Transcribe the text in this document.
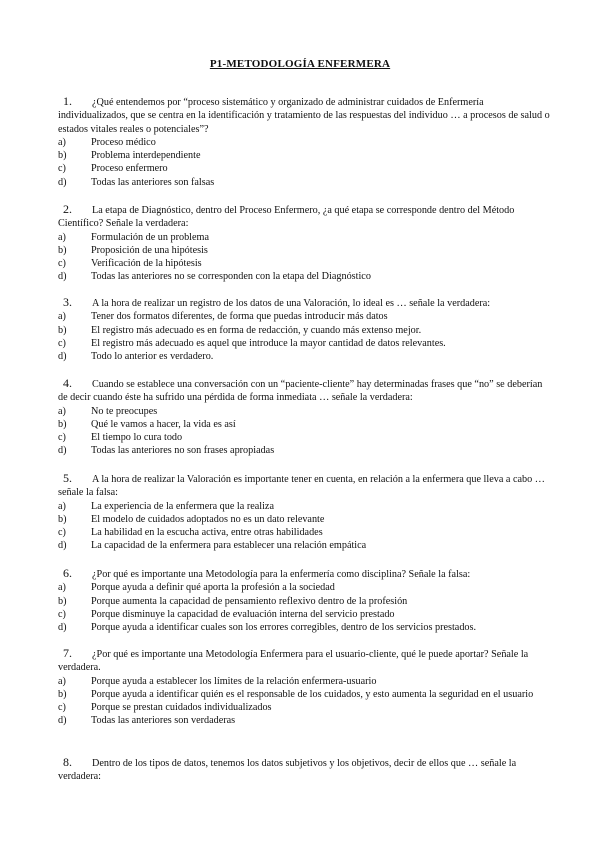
P1-METODOLOGÍA ENFERMERA

1. ¿Qué entendemos por “proceso sistemático y organizado de administrar cuidados de Enfermería individualizados, que se centra en la identificación y tratamiento de las respuestas del individuo … a procesos de salud o estados vitales reales o potenciales”?

a) Proceso médico
b) Problema interdependiente
c) Proceso enfermero
d) Todas las anteriores son falsas

2. La etapa de Diagnóstico, dentro del Proceso Enfermero, ¿a qué etapa se corresponde dentro del Método Científico? Señale la verdadera:

a) Formulación de un problema
b) Proposición de una hipótesis
c) Verificación de la hipótesis
d) Todas las anteriores no se corresponden con la etapa del Diagnóstico

3. A la hora de realizar un registro de los datos de una Valoración, lo ideal es … señale la verdadera:

a) Tener dos formatos diferentes, de forma que puedas introducir más datos
b) El registro más adecuado es en forma de redacción, y cuando más extenso mejor.
c) El registro más adecuado es aquel que introduce la mayor cantidad de datos relevantes.
d) Todo lo anterior es verdadero.

4. Cuando se establece una conversación con un “paciente-cliente” hay determinadas frases que “no” se deberían de decir cuando éste ha sufrido una pérdida de forma inmediata … señale la verdadera:

a) No te preocupes
b) Qué le vamos a hacer, la vida es así
c) El tiempo lo cura todo
d) Todas las anteriores no son frases apropiadas

5. A la hora de realizar la Valoración es importante tener en cuenta, en relación a la enfermera que lleva a cabo … señale la falsa:

a) La experiencia de la enfermera que la realiza
b) El modelo de cuidados adoptados no es un dato relevante
c) La habilidad en la escucha activa, entre otras habilidades
d) La capacidad de la enfermera para establecer una relación empática

6. ¿Por qué es importante una Metodología para la enfermería como disciplina? Señale la falsa:

a) Porque ayuda a definir qué aporta la profesión a la sociedad
b) Porque aumenta la capacidad de pensamiento reflexivo dentro de la profesión
c) Porque disminuye la capacidad de evaluación interna del servicio prestado
d) Porque ayuda a identificar cuales son los errores corregibles, dentro de los servicios prestados.

7. ¿Por qué es importante una Metodología Enfermera para el usuario-cliente, qué le puede aportar? Señale la verdadera.

a) Porque ayuda a establecer los límites de la relación enfermera-usuario
b) Porque ayuda a identificar quién es el responsable de los cuidados, y esto aumenta la seguridad en el usuario
c) Porque se prestan cuidados individualizados
d) Todas las anteriores son verdaderas

8. Dentro de los tipos de datos, tenemos los datos subjetivos y los objetivos, decir de ellos que … señale la verdadera:
